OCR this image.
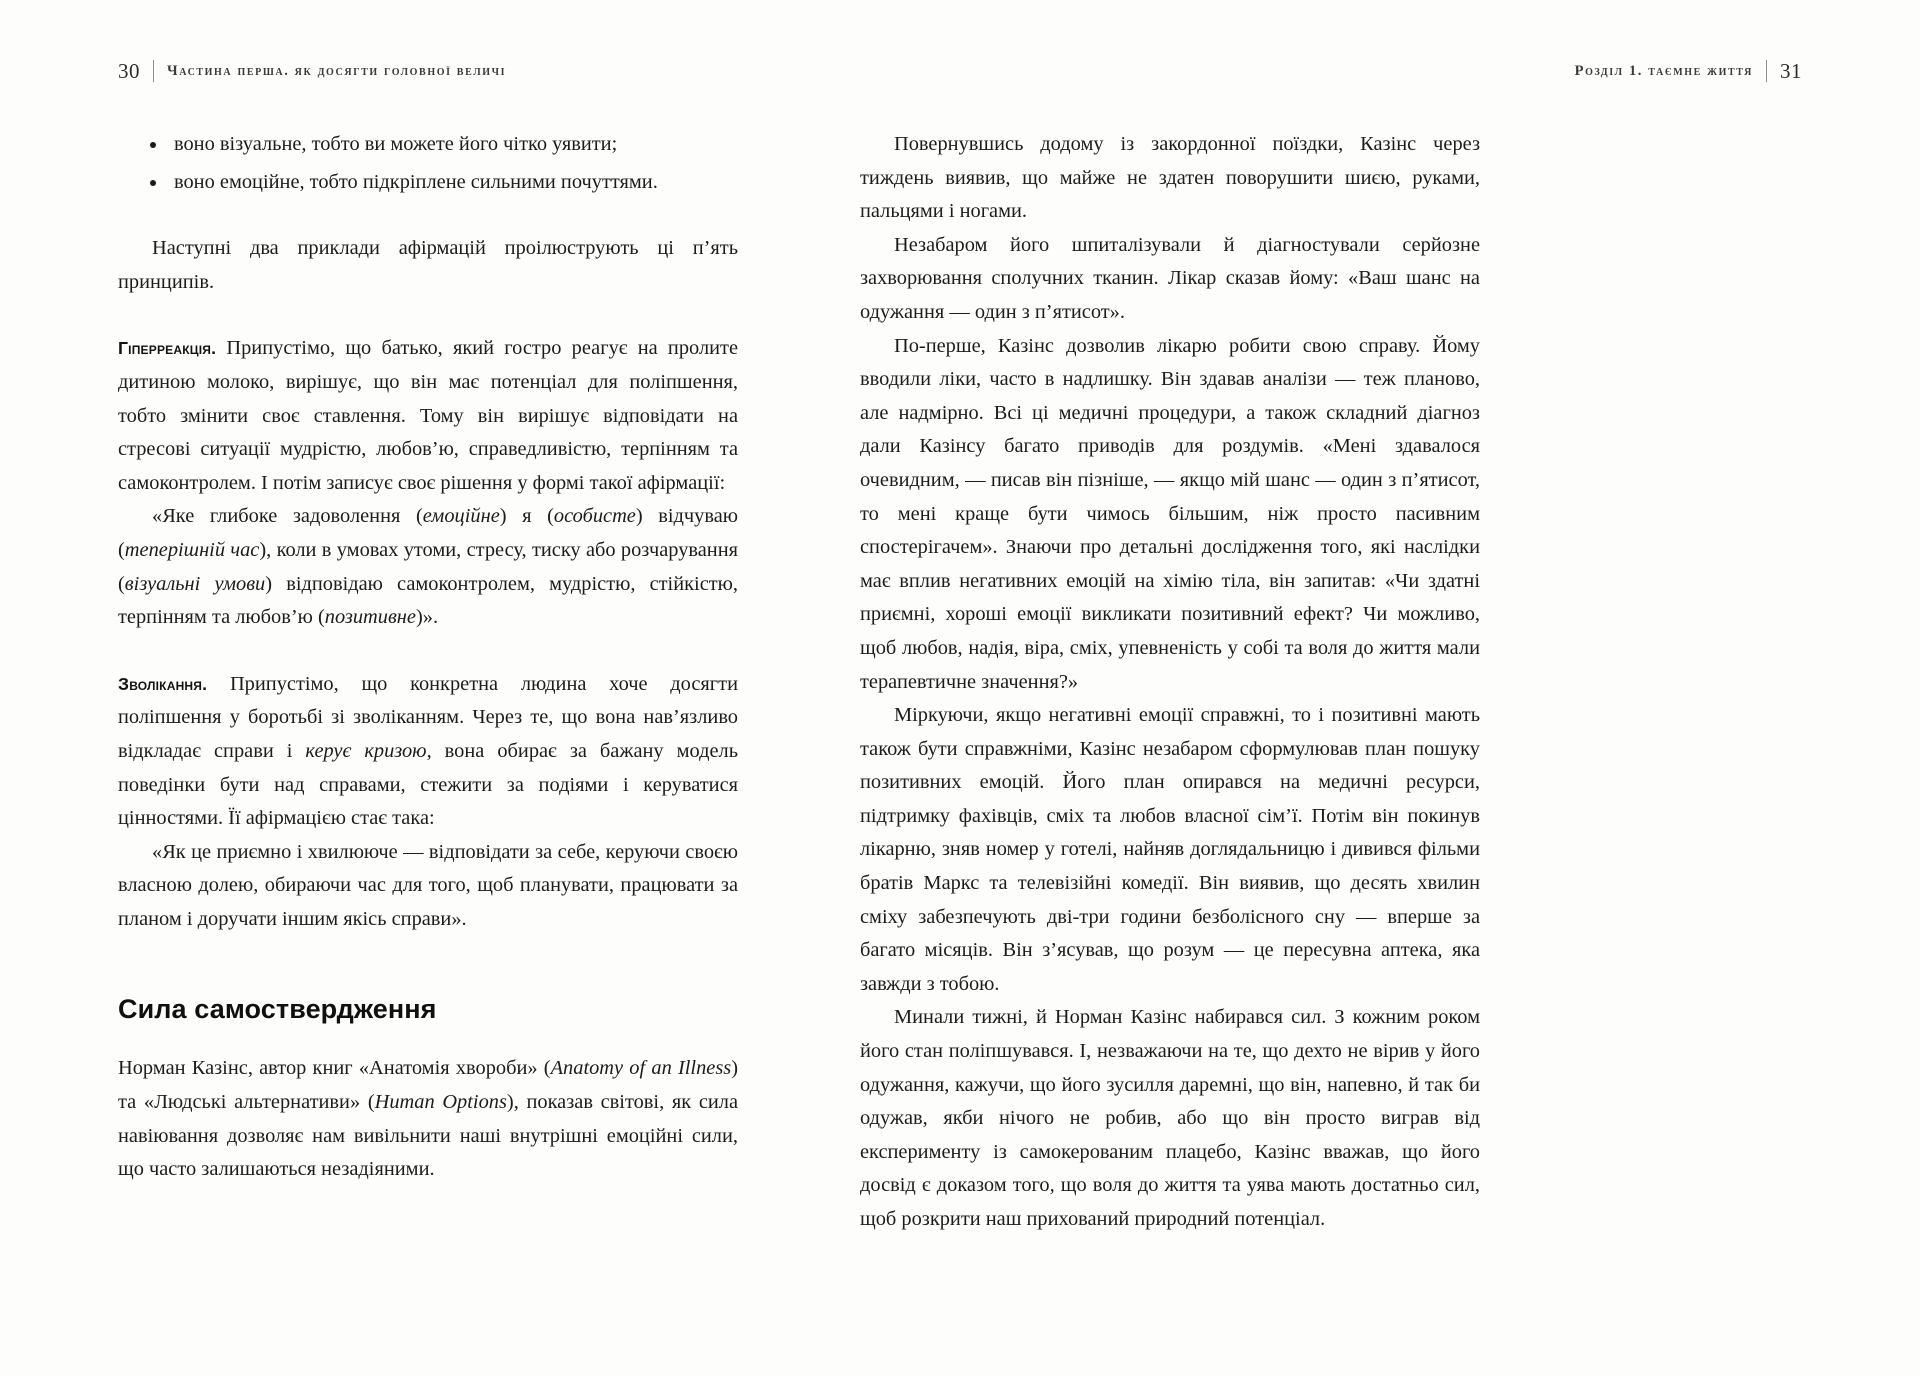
30 частина перша. як досягти головної величі	розділ 1. таємне життя 31
воно візуальне, тобто ви можете його чітко уявити;
воно емоційне, тобто підкріплене сильними почуттями.

Наступні два приклади афірмацій проілюструють ці п’ять принципів.

Гіперреакція. Припустімо, що батько, який гостро реагує на пролите дитиною молоко, вирішує, що він має потенціал для поліпшення, тобто змінити своє ставлення. Тому він вирішує відповідати на стресові ситуації мудрістю, любов’ю, справедливістю, терпінням та самоконтролем. І потім записує своє рішення у формі такої афірмації:

«Яке глибоке задоволення (емоційне) я (особисте) відчуваю (теперішній час), коли в умовах утоми, стресу, тиску або розчарування (візуальні умови) відповідаю самоконтролем, мудрістю, стійкістю, терпінням та любов’ю (позитивне)».

Зволікання. Припустімо, що конкретна людина хоче досягти поліпшення у боротьбі зі зволіканням. Через те, що вона нав’язливо відкладає справи і керує кризою, вона обирає за бажану модель поведінки бути над справами, стежити за подіями і керуватися цінностями. Її афірмацією стає така:

«Як це приємно і хвилююче — відповідати за себе, керуючи своєю власною долею, обираючи час для того, щоб планувати, працювати за планом і доручати іншим якісь справи».

Сила самоствердження

Норман Казінс, автор книг «Анатомія хвороби» (Anatomy of an Illness) та «Людські альтернативи» (Human Options), показав світові, як сила навіювання дозволяє нам вивільнити наші внутрішні емоційні сили, що часто залишаються незадіяними.

Повернувшись додому із закордонної поїздки, Казінс через тиждень виявив, що майже не здатен поворушити шиєю, руками, пальцями і ногами.

Незабаром його шпиталізували й діагностували серйозне захворювання сполучних тканин. Лікар сказав йому: «Ваш шанс на одужання — один з п’ятисот».

По-перше, Казінс дозволив лікарю робити свою справу. Йому вводили ліки, часто в надлишку. Він здавав аналізи — теж планово, але надмірно. Всі ці медичні процедури, а також складний діагноз дали Казінсу багато приводів для роздумів. «Мені здавалося очевидним, — писав він пізніше, — якщо мій шанс — один з п’ятисот, то мені краще бути чимось більшим, ніж просто пасивним спостерігачем». Знаючи про детальні дослідження того, які наслідки має вплив негативних емоцій на хімію тіла, він запитав: «Чи здатні приємні, хороші емоції викликати позитивний ефект? Чи можливо, щоб любов, надія, віра, сміх, упевненість у собі та воля до життя мали терапевтичне значення?»

Міркуючи, якщо негативні емоції справжні, то і позитивні мають також бути справжніми, Казінс незабаром сформулював план пошуку позитивних емоцій. Його план опирався на медичні ресурси, підтримку фахівців, сміх та любов власної сім’ї. Потім він покинув лікарню, зняв номер у готелі, найняв доглядальницю і дивився фільми братів Маркс та телевізійні комедії. Він виявив, що десять хвилин сміху забезпечують дві-три години безболісного сну — вперше за багато місяців. Він з’ясував, що розум — це пересувна аптека, яка завжди з тобою.

Минали тижні, й Норман Казінс набирався сил. З кожним роком його стан поліпшувався. І, незважаючи на те, що дехто не вірив у його одужання, кажучи, що його зусилля даремні, що він, напевно, й так би одужав, якби нічого не робив, або що він просто виграв від експерименту із самокерованим плацебо, Казінс вважав, що його досвід є доказом того, що воля до життя та уява мають достатньо сил, щоб розкрити наш прихований природний потенціал.
